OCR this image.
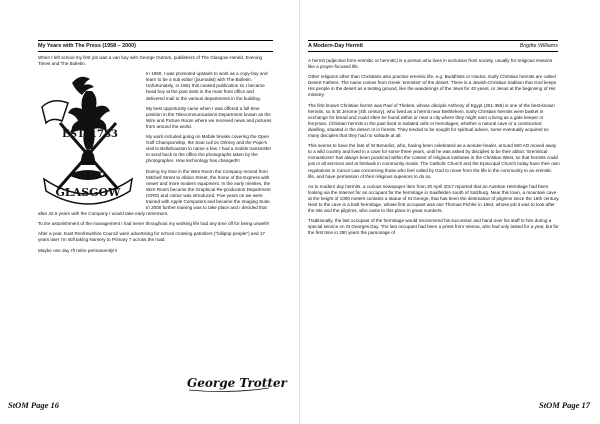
My Years with The Press (1958 – 2000)

When I left school my first job was a van boy with George Outram, publishers of The Glasgow Herald, Evening Times and The Bulletin.

EST. 1783
GLASGOW

In 1960, I was promoted upstairs to work as a copy-boy and learn to be a sub editor (journalist) with The Bulletin. Unfortunately, in 1961 this ceased publication so I became head boy at the post desk in the main front office and delivered mail to the various departments in the building.

My best opportunity came when I was offered a full-time position in the Telecommunications Department known as the Wire and Picture Room where we received news and pictures from around the world.

My work included going on Mobile breaks covering the Open Golf Championship, the Seal cull on Orkney and the Pope's visit to Bellahouston to name a few. I had a mobile transmitter to send back to the office the photographs taken by the photographer. How technology has changed!!!

During my time in the Wire Room the Company moved from Mitchell Street to Albion Street, the home of the Express with newer and more modern equipment. In the early nineties, the Wire Room became the Graphical Re-production Department (GRD) and colour was introduced. Five years on we were trained with Apple Computers and became the Imaging Suite. In 2000 further training was to take place and I decided that after 42.5 years with the Company I would take early retirement.

To the astonishment of the management I had never throughout my working life had any time off for being unwell!!

After a year, East Renfrewshire Council were advertising for school crossing patrollers ("lollipop people") and 17 years later I'm still taking Nursery to Primary 7 across the road.

Maybe one day I'll retire permanently!!!

George Trotter
StOM Page 16
A Modern-Day Hermit	Brigitte Williams

A hermit (adjective form eremitic or hermitic) is a person who lives in seclusion from society, usually for religious reasons like a prayer-focused life.

Other religions other than Christians also practice eremitic life, e.g. Buddhists or Hindus. Early Christian hermits are called Desert Fathers. The name comes from Greek 'eremites'-of the desert. There is a Jewish-Christian tradition that God keeps His people in the desert as a testing ground, like the wanderings of the Jews for 40 years, or Jesus at the beginning of His ministry.

The first known Christian hermit was Paul of Thebes, whose disciple Anthony of Egypt (251-356) is one of the best-known hermits, so is St Jerome (4th century), who lived as a hermit near Bethlehem. Early Christian hermits were basket in exchange for bread and could often be found within or near a city where they might earn a living as a gate keeper or ferryman. Christian hermits in the past lived in isolated cells or hermitages, whether a natural cave or a constructed dwelling, situated in the desert or in forests. They tended to be sought for spiritual advice, some eventually acquired so many disciples that they had no solitude at all.

This seems to have the fate of St Benedict, who, having been celebrated as a wonder-healer, around 500 AD moved away to a wild country and lived in a cave for some three years, until he was asked by disciples to be their abbot. 'Eremitical monasticism' has always been practiced within the context of religious institutes in the Christian West, so that hermits could join in all services and at festivals in community meals. The Catholic Church and the Episcopal Church today have their own regulations in Canon Law concerning those who feel called by God to move from the life in the community to an eremitic life, and have permission of their religious superiors to do so.

As to modern day hermits, a curious newspaper item from 20 April 2017 reported that an Austrian Hermitage had been looking via the Internet for an occupant for the hermitage in Saalfelden south of Salzburg. Near this town, a mountain cave at the height of 1000 meters contains a statue of St George, that has been the destination of pilgrims since the 16th century. Next to the cave is a built hermitage, whose first occupant was one Thomas Pichler in 1664, whose job it was to look after the site and the pilgrims, who came to this place in great numbers.

Traditionally, the last occupant of the hermitage would recommend his successor and hand over his staff to him during a special service on St Georges Day. The last occupant had been a priest from Vienna, who had only lasted for a year, but for the first time in 350 years the parsonage of

StOM Page 17
